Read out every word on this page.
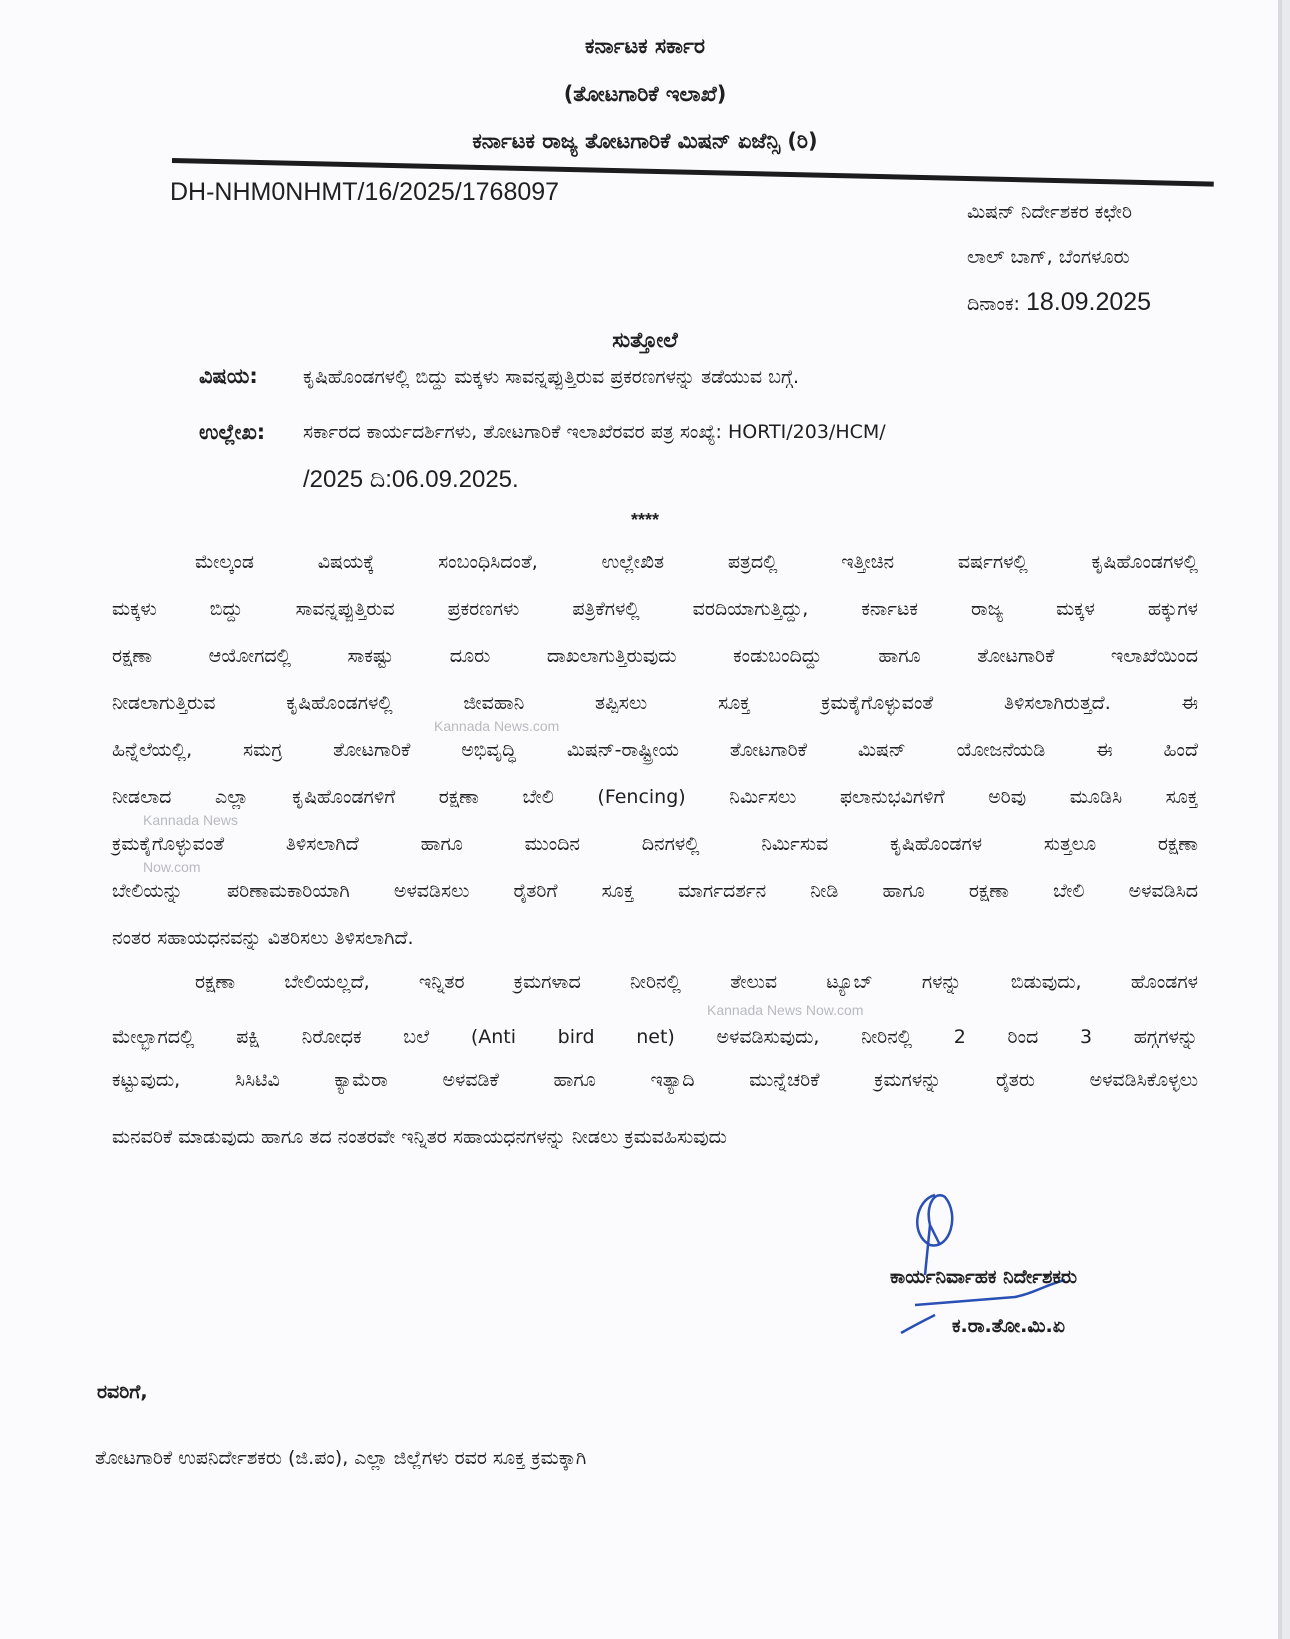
ಕರ್ನಾಟಕ ಸರ್ಕಾರ
(ತೋಟಗಾರಿಕೆ ಇಲಾಖೆ)
ಕರ್ನಾಟಕ ರಾಜ್ಯ ತೋಟಗಾರಿಕೆ ಮಿಷನ್ ಏಜೆನ್ಸಿ (ರಿ)
DH-NHM0NHMT/16/2025/1768097
ಮಿಷನ್ ನಿರ್ದೇಶಕರ ಕಛೇರಿ
ಲಾಲ್ ಬಾಗ್, ಬೆಂಗಳೂರು
ದಿನಾಂಕ: 18.09.2025
ಸುತ್ತೋಲೆ
ವಿಷಯ: ಕೃಷಿಹೊಂಡಗಳಲ್ಲಿ ಬಿದ್ದು ಮಕ್ಕಳು ಸಾವನ್ನಪ್ಪುತ್ತಿರುವ ಪ್ರಕರಣಗಳನ್ನು ತಡೆಯುವ ಬಗ್ಗೆ.
ಉಲ್ಲೇಖ: ಸರ್ಕಾರದ ಕಾರ್ಯದರ್ಶಿಗಳು, ತೋಟಗಾರಿಕೆ ಇಲಾಖೆರವರ ಪತ್ರ ಸಂಖ್ಯೆ: HORTI/203/HCM/
/2025 ದಿ:06.09.2025.
****
ಮೇಲ್ಕಂಡ ವಿಷಯಕ್ಕೆ ಸಂಬಂಧಿಸಿದಂತೆ, ಉಲ್ಲೇಖಿತ ಪತ್ರದಲ್ಲಿ ಇತ್ತೀಚಿನ ವರ್ಷಗಳಲ್ಲಿ ಕೃಷಿಹೊಂಡಗಳಲ್ಲಿ
ಮಕ್ಕಳು ಬಿದ್ದು ಸಾವನ್ನಪ್ಪುತ್ತಿರುವ ಪ್ರಕರಣಗಳು ಪತ್ರಿಕೆಗಳಲ್ಲಿ ವರದಿಯಾಗುತ್ತಿದ್ದು, ಕರ್ನಾಟಕ ರಾಜ್ಯ ಮಕ್ಕಳ ಹಕ್ಕುಗಳ
ರಕ್ಷಣಾ ಆಯೋಗದಲ್ಲಿ ಸಾಕಷ್ಟು ದೂರು ದಾಖಲಾಗುತ್ತಿರುವುದು ಕಂಡುಬಂದಿದ್ದು ಹಾಗೂ ತೋಟಗಾರಿಕೆ ಇಲಾಖೆಯಿಂದ
ನೀಡಲಾಗುತ್ತಿರುವ ಕೃಷಿಹೊಂಡಗಳಲ್ಲಿ ಜೀವಹಾನಿ ತಪ್ಪಿಸಲು ಸೂಕ್ತ ಕ್ರಮಕೈಗೊಳ್ಳುವಂತೆ ತಿಳಿಸಲಾಗಿರುತ್ತದೆ. ಈ
ಹಿನ್ನೆಲೆಯಲ್ಲಿ, ಸಮಗ್ರ ತೋಟಗಾರಿಕೆ ಅಭಿವೃದ್ಧಿ ಮಿಷನ್-ರಾಷ್ಟ್ರೀಯ ತೋಟಗಾರಿಕೆ ಮಿಷನ್ ಯೋಜನೆಯಡಿ ಈ ಹಿಂದೆ
ನೀಡಲಾದ ಎಲ್ಲಾ ಕೃಷಿಹೊಂಡಗಳಿಗೆ ರಕ್ಷಣಾ ಬೇಲಿ (Fencing) ನಿರ್ಮಿಸಲು ಫಲಾನುಭವಿಗಳಿಗೆ ಅರಿವು ಮೂಡಿಸಿ ಸೂಕ್ತ
ಕ್ರಮಕೈಗೊಳ್ಳುವಂತೆ ತಿಳಿಸಲಾಗಿದೆ ಹಾಗೂ ಮುಂದಿನ ದಿನಗಳಲ್ಲಿ ನಿರ್ಮಿಸುವ ಕೃಷಿಹೊಂಡಗಳ ಸುತ್ತಲೂ ರಕ್ಷಣಾ
ಬೇಲಿಯನ್ನು ಪರಿಣಾಮಕಾರಿಯಾಗಿ ಅಳವಡಿಸಲು ರೈತರಿಗೆ ಸೂಕ್ತ ಮಾರ್ಗದರ್ಶನ ನೀಡಿ ಹಾಗೂ ರಕ್ಷಣಾ ಬೇಲಿ ಅಳವಡಿಸಿದ
ನಂತರ ಸಹಾಯಧನವನ್ನು ವಿತರಿಸಲು ತಿಳಿಸಲಾಗಿದೆ.
ರಕ್ಷಣಾ ಬೇಲಿಯಲ್ಲದೆ, ಇನ್ನಿತರ ಕ್ರಮಗಳಾದ ನೀರಿನಲ್ಲಿ ತೇಲುವ ಟ್ಯೂಬ್ ಗಳನ್ನು ಬಿಡುವುದು, ಹೊಂಡಗಳ
ಮೇಲ್ಭಾಗದಲ್ಲಿ ಪಕ್ಷಿ ನಿರೋಧಕ ಬಲೆ (Anti bird net) ಅಳವಡಿಸುವುದು, ನೀರಿನಲ್ಲಿ 2 ರಿಂದ 3 ಹಗ್ಗಗಳನ್ನು
ಕಟ್ಟುವುದು, ಸಿಸಿಟಿವಿ ಕ್ಯಾಮೆರಾ ಅಳವಡಿಕೆ ಹಾಗೂ ಇತ್ಯಾದಿ ಮುನ್ನೆಚರಿಕೆ ಕ್ರಮಗಳನ್ನು ರೈತರು ಅಳವಡಿಸಿಕೊಳ್ಳಲು
ಮನವರಿಕೆ ಮಾಡುವುದು ಹಾಗೂ ತದ ನಂತರವೇ ಇನ್ನಿತರ ಸಹಾಯಧನಗಳನ್ನು ನೀಡಲು ಕ್ರಮವಹಿಸುವುದು
ಕಾರ್ಯನಿರ್ವಾಹಕ ನಿರ್ದೇಶಕರು
ಕ.ರಾ.ತೋ.ಮಿ.ಏ
ರವರಿಗೆ,
ತೋಟಗಾರಿಕೆ ಉಪನಿರ್ದೇಶಕರು (ಜಿ.ಪಂ), ಎಲ್ಲಾ ಜಿಲ್ಲೆಗಳು ರವರ ಸೂಕ್ತ ಕ್ರಮಕ್ಕಾಗಿ
Kannada News.com
Kannada News Now.com
Kannada News
Now.com
